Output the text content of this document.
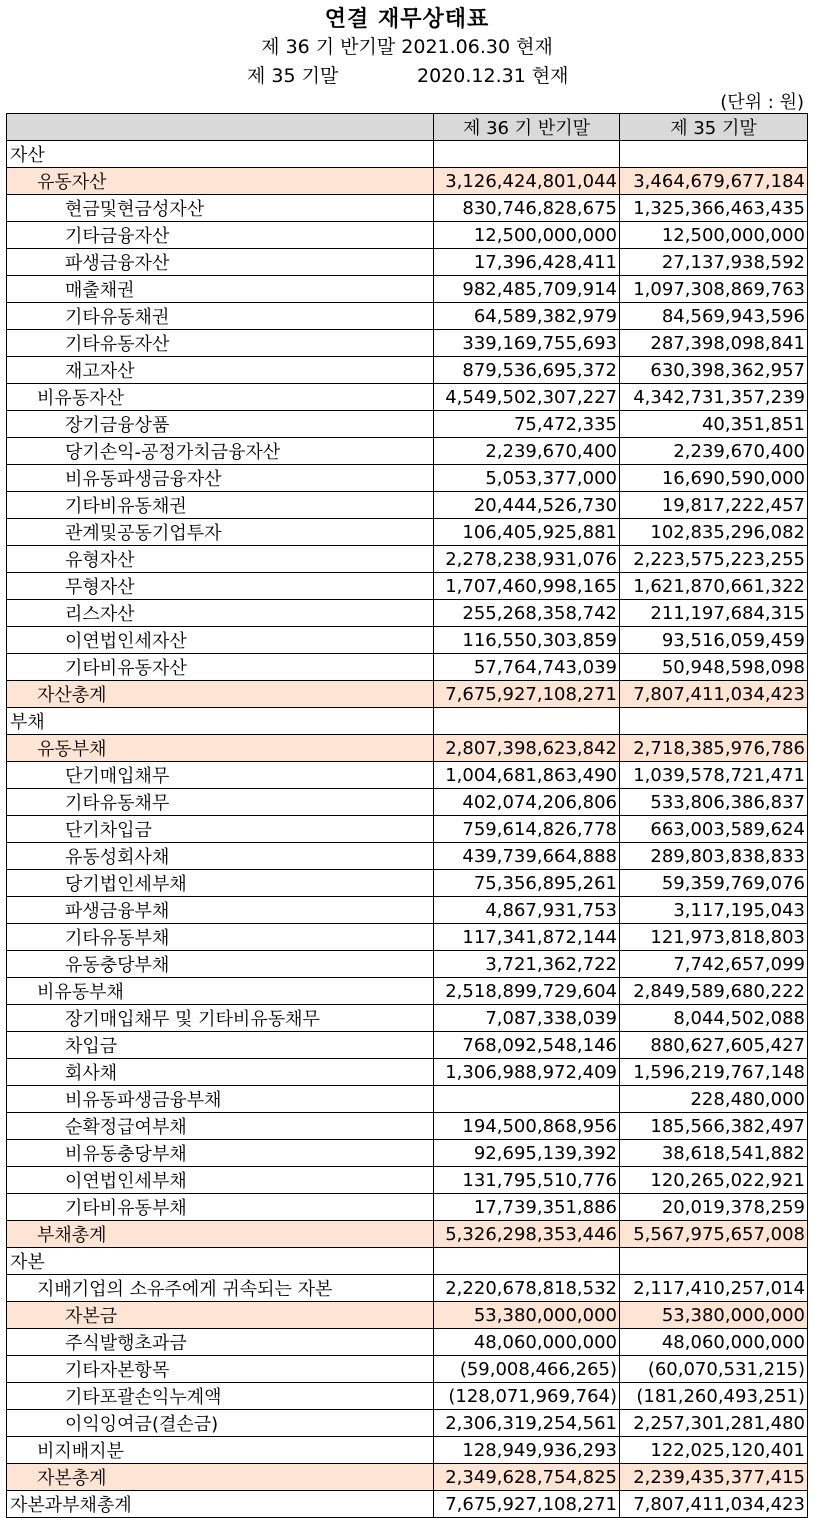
연결 재무상태표
제 36 기 반기말 2021.06.30 현재
제 35 기말	2020.12.31 현재
(단위 : 원)
	제 36 기 반기말	제 35 기말
자산		
유동자산	3,126,424,801,044	3,464,679,677,184
현금및현금성자산	830,746,828,675	1,325,366,463,435
기타금융자산	12,500,000,000	12,500,000,000
파생금융자산	17,396,428,411	27,137,938,592
매출채권	982,485,709,914	1,097,308,869,763
기타유동채권	64,589,382,979	84,569,943,596
기타유동자산	339,169,755,693	287,398,098,841
재고자산	879,536,695,372	630,398,362,957
비유동자산	4,549,502,307,227	4,342,731,357,239
장기금융상품	75,472,335	40,351,851
당기손익-공정가치금융자산	2,239,670,400	2,239,670,400
비유동파생금융자산	5,053,377,000	16,690,590,000
기타비유동채권	20,444,526,730	19,817,222,457
관계및공동기업투자	106,405,925,881	102,835,296,082
유형자산	2,278,238,931,076	2,223,575,223,255
무형자산	1,707,460,998,165	1,621,870,661,322
리스자산	255,268,358,742	211,197,684,315
이연법인세자산	116,550,303,859	93,516,059,459
기타비유동자산	57,764,743,039	50,948,598,098
자산총계	7,675,927,108,271	7,807,411,034,423
부채		
유동부채	2,807,398,623,842	2,718,385,976,786
단기매입채무	1,004,681,863,490	1,039,578,721,471
기타유동채무	402,074,206,806	533,806,386,837
단기차입금	759,614,826,778	663,003,589,624
유동성회사채	439,739,664,888	289,803,838,833
당기법인세부채	75,356,895,261	59,359,769,076
파생금융부채	4,867,931,753	3,117,195,043
기타유동부채	117,341,872,144	121,973,818,803
유동충당부채	3,721,362,722	7,742,657,099
비유동부채	2,518,899,729,604	2,849,589,680,222
장기매입채무 및 기타비유동채무	7,087,338,039	8,044,502,088
차입금	768,092,548,146	880,627,605,427
회사채	1,306,988,972,409	1,596,219,767,148
비유동파생금융부채		228,480,000
순확정급여부채	194,500,868,956	185,566,382,497
비유동충당부채	92,695,139,392	38,618,541,882
이연법인세부채	131,795,510,776	120,265,022,921
기타비유동부채	17,739,351,886	20,019,378,259
부채총계	5,326,298,353,446	5,567,975,657,008
자본		
지배기업의 소유주에게 귀속되는 자본	2,220,678,818,532	2,117,410,257,014
자본금	53,380,000,000	53,380,000,000
주식발행초과금	48,060,000,000	48,060,000,000
기타자본항목	(59,008,466,265)	(60,070,531,215)
기타포괄손익누계액	(128,071,969,764)	(181,260,493,251)
이익잉여금(결손금)	2,306,319,254,561	2,257,301,281,480
비지배지분	128,949,936,293	122,025,120,401
자본총계	2,349,628,754,825	2,239,435,377,415
자본과부채총계	7,675,927,108,271	7,807,411,034,423
